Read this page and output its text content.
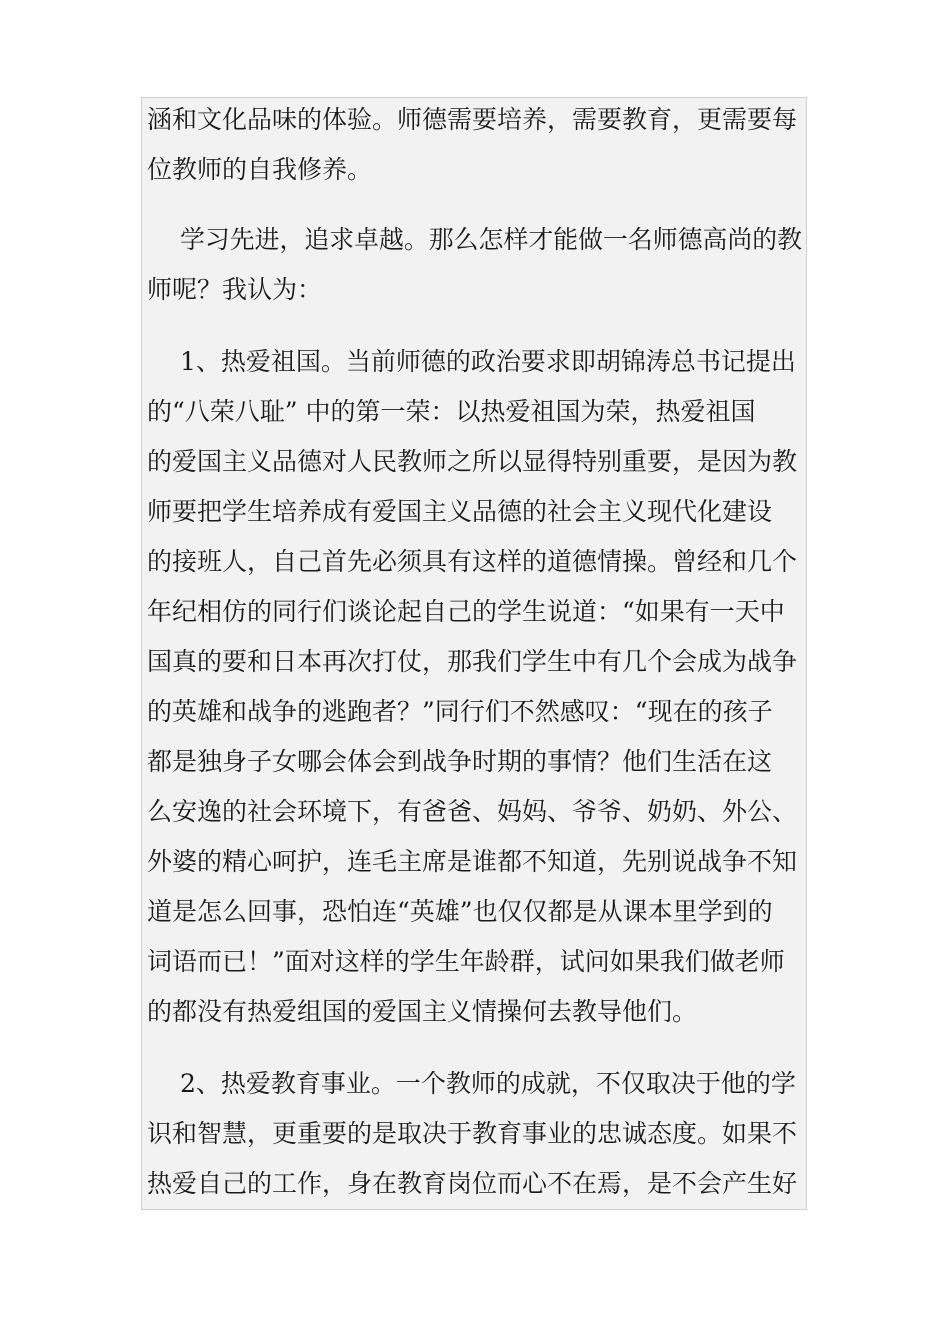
涵和文化品味的体验。师德需要培养，需要教育，更需要每
位教师的自我修养。
学习先进，追求卓越。那么怎样才能做一名师德高尚的教
师呢？我认为：
1、热爱祖国。当前师德的政治要求即胡锦涛总书记提出
的“八荣八耻” 中的第一荣：以热爱祖国为荣，热爱祖国
的爱国主义品德对人民教师之所以显得特别重要，是因为教
师要把学生培养成有爱国主义品德的社会主义现代化建设
的接班人，自己首先必须具有这样的道德情操。曾经和几个
年纪相仿的同行们谈论起自己的学生说道：“如果有一天中
国真的要和日本再次打仗，那我们学生中有几个会成为战争
的英雄和战争的逃跑者？”同行们不然感叹：“现在的孩子
都是独身子女哪会体会到战争时期的事情？他们生活在这
么安逸的社会环境下，有爸爸、妈妈、爷爷、奶奶、外公、
外婆的精心呵护，连毛主席是谁都不知道，先别说战争不知
道是怎么回事，恐怕连“英雄”也仅仅都是从课本里学到的
词语而已！”面对这样的学生年龄群，试问如果我们做老师
的都没有热爱组国的爱国主义情操何去教导他们。
2、热爱教育事业。一个教师的成就，不仅取决于他的学
识和智慧，更重要的是取决于教育事业的忠诚态度。如果不
热爱自己的工作，身在教育岗位而心不在焉，是不会产生好
